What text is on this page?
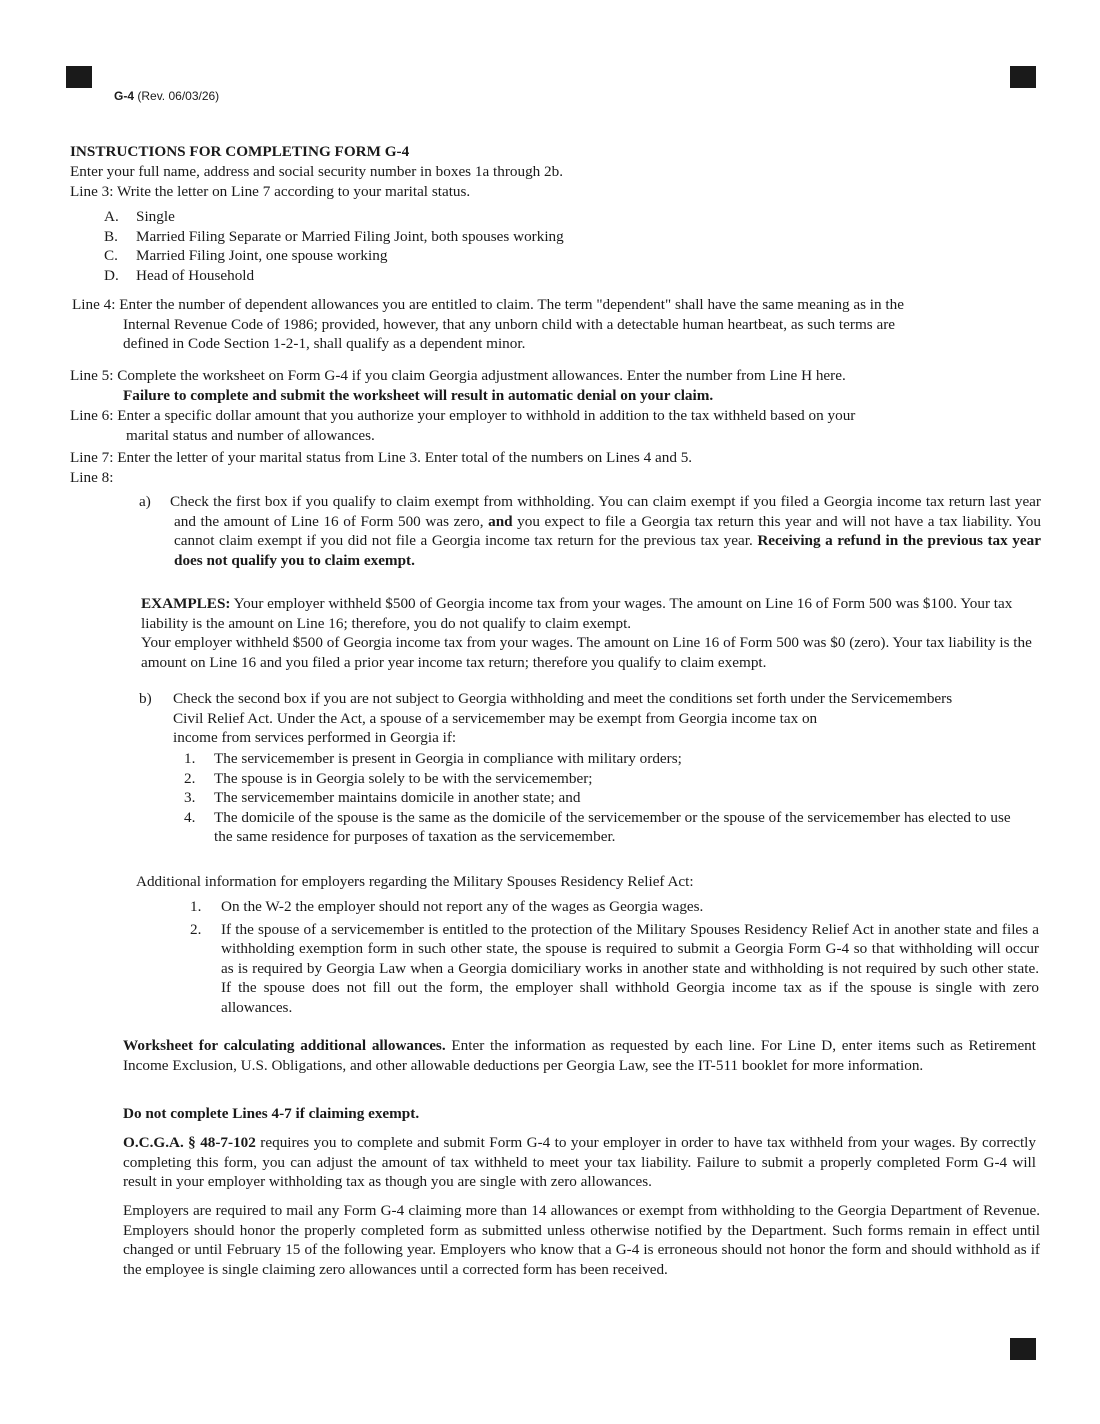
G-4 (Rev. 06/03/26)
INSTRUCTIONS FOR COMPLETING FORM G-4
Enter your full name, address and social security number in boxes 1a through 2b.
Line 3: Write the letter on Line 7 according to your marital status.
A. Single
B. Married Filing Separate or Married Filing Joint, both spouses working
C. Married Filing Joint, one spouse working
D. Head of Household
Line 4: Enter the number of dependent allowances you are entitled to claim. The term "dependent" shall have the same meaning as in the
Internal Revenue Code of 1986; provided, however, that any unborn child with a detectable human heartbeat, as such terms are
defined in Code Section 1-2-1, shall qualify as a dependent minor.
Line 5: Complete the worksheet on Form G-4 if you claim Georgia adjustment allowances. Enter the number from Line H here.
Failure to complete and submit the worksheet will result in automatic denial on your claim.
Line 6: Enter a specific dollar amount that you authorize your employer to withhold in addition to the tax withheld based on your
marital status and number of allowances.
Line 7: Enter the letter of your marital status from Line 3. Enter total of the numbers on Lines 4 and 5.
Line 8:
a) Check the first box if you qualify to claim exempt from withholding. You can claim exempt if you filed a Georgia income tax return last year and the amount of Line 16 of Form 500 was zero, and you expect to file a Georgia tax return this year and will not have a tax liability. You cannot claim exempt if you did not file a Georgia income tax return for the previous tax year. Receiving a refund in the previous tax year does not qualify you to claim exempt.
EXAMPLES: Your employer withheld $500 of Georgia income tax from your wages. The amount on Line 16 of Form 500 was $100. Your tax liability is the amount on Line 16; therefore, you do not qualify to claim exempt.
Your employer withheld $500 of Georgia income tax from your wages. The amount on Line 16 of Form 500 was $0 (zero). Your tax liability is the amount on Line 16 and you filed a prior year income tax return; therefore you qualify to claim exempt.
b) Check the second box if you are not subject to Georgia withholding and meet the conditions set forth under the Servicemembers
Civil Relief Act. Under the Act, a spouse of a servicemember may be exempt from Georgia income tax on
income from services performed in Georgia if:
1.	The servicemember is present in Georgia in compliance with military orders;
2.	The spouse is in Georgia solely to be with the servicemember;
3.	The servicemember maintains domicile in another state; and
4.	The domicile of the spouse is the same as the domicile of the servicemember or the spouse of the servicemember has elected to use the same residence for purposes of taxation as the servicemember.
Additional information for employers regarding the Military Spouses Residency Relief Act:
1.	On the W-2 the employer should not report any of the wages as Georgia wages.
2.	If the spouse of a servicemember is entitled to the protection of the Military Spouses Residency Relief Act in another state and files a withholding exemption form in such other state, the spouse is required to submit a Georgia Form G-4 so that withholding will occur as is required by Georgia Law when a Georgia domiciliary works in another state and withholding is not required by such other state. If the spouse does not fill out the form, the employer shall withhold Georgia income tax as if the spouse is single with zero allowances.
Worksheet for calculating additional allowances. Enter the information as requested by each line. For Line D, enter items such as Retirement Income Exclusion, U.S. Obligations, and other allowable deductions per Georgia Law, see the IT-511 booklet for more information.
Do not complete Lines 4-7 if claiming exempt.
O.C.G.A. § 48-7-102 requires you to complete and submit Form G-4 to your employer in order to have tax withheld from your wages. By correctly completing this form, you can adjust the amount of tax withheld to meet your tax liability. Failure to submit a properly completed Form G-4 will result in your employer withholding tax as though you are single with zero allowances.
Employers are required to mail any Form G-4 claiming more than 14 allowances or exempt from withholding to the Georgia Department of Revenue. Employers should honor the properly completed form as submitted unless otherwise notified by the Department. Such forms remain in effect until changed or until February 15 of the following year. Employers who know that a G-4 is erroneous should not honor the form and should withhold as if the employee is single claiming zero allowances until a corrected form has been received.
